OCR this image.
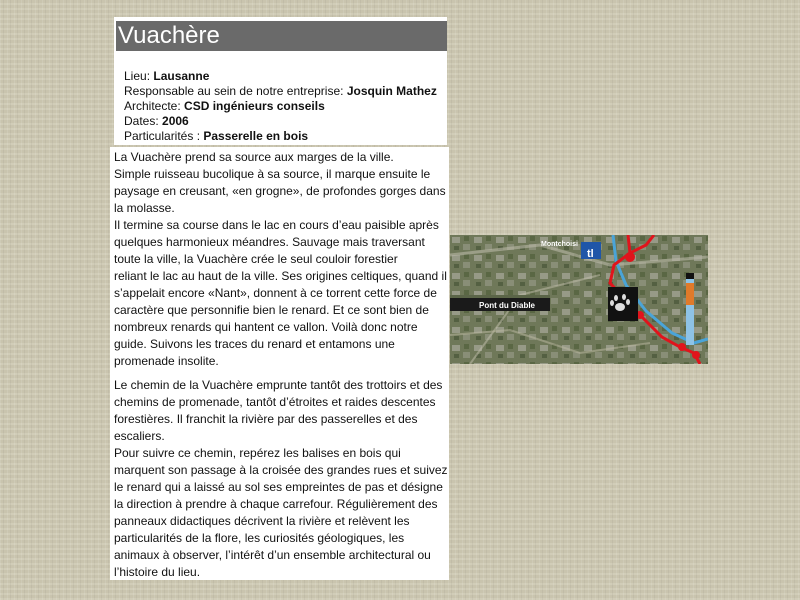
Vuachère
Lieu: Lausanne
Responsable au sein de notre entreprise: Josquin Mathez
Architecte: CSD ingénieurs conseils
Dates: 2006
Particularités : Passerelle en bois

La Vuachère prend sa source aux marges de la ville.
Simple ruisseau bucolique à sa source, il marque ensuite le
paysage en creusant, «en grogne», de profondes gorges dans
la molasse.
Il termine sa course dans le lac en cours d’eau paisible après
quelques harmonieux méandres. Sauvage mais traversant
toute la ville, la Vuachère crée le seul couloir forestier
reliant le lac au haut de la ville. Ses origines celtiques, quand il
s’appelait encore «Nant», donnent à ce torrent cette force de
caractère que personnifie bien le renard. Et ce sont bien de
nombreux renards qui hantent ce vallon. Voilà donc notre
guide. Suivons les traces du renard et entamons une
promenade insolite.

Le chemin de la Vuachère emprunte tantôt des trottoirs et des
chemins de promenade, tantôt d’étroites et raides descentes
forestières. Il franchit la rivière par des passerelles et des
escaliers.
Pour suivre ce chemin, repérez les balises en bois qui
marquent son passage à la croisée des grandes rues et suivez
le renard qui a laissé au sol ses empreintes de pas et désigne
la direction à prendre à chaque carrefour. Régulièrement des
panneaux didactiques décrivent la rivière et relèvent les
particularités de la flore, les curiosités géologiques, les
animaux à observer, l’intérêt d’un ensemble architectural ou
l’histoire du lieu.

tl
Montchoisi
Pont du Diable
